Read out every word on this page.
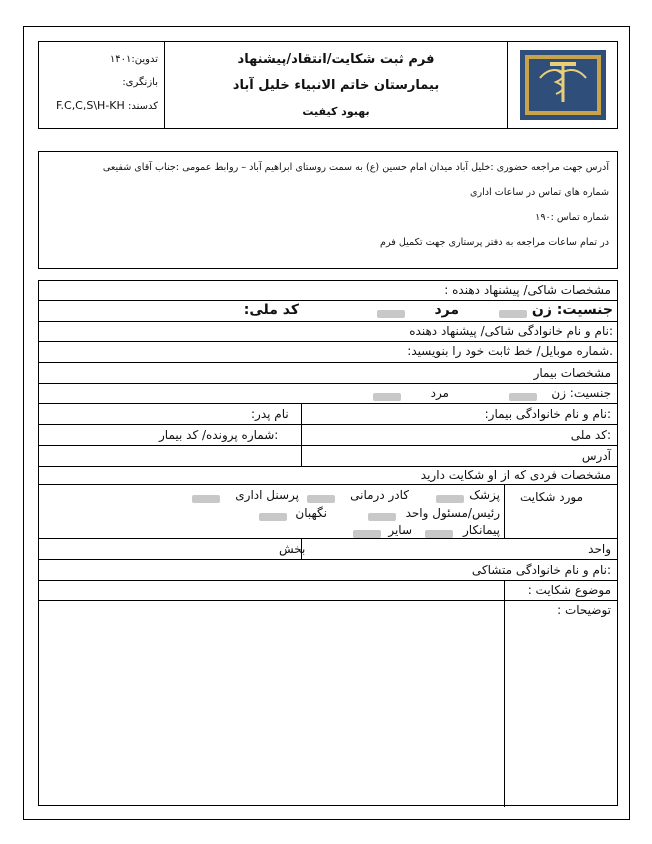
فرم ثبت شکایت/انتقاد/پیشنهاد
بیمارستان خاتم الانبیاء خلیل آباد
بهبود کیفیت
تدوین:۱۴۰۱
بازنگری:
کدسند: F.C,C,S\H-KH
آدرس جهت مراجعه حضوری :خلیل آباد میدان امام حسین (ع) به سمت روستای ابراهیم آباد – روابط عمومی :جناب آقای شفیعی
شماره های تماس در ساعات اداری
شماره تماس :۱۹۰
در تمام ساعات مراجعه به دفتر پرستاری جهت تکمیل فرم
مشخصات شاکی/ پیشنهاد دهنده :
جنسیت: زن
مرد
کد ملی:
:نام و نام خانوادگی شاکی/ پیشنهاد دهنده
.شماره موبایل/ خط ثابت خود را بنویسید:
مشخصات بیمار
جنسیت: زن
مرد
:نام و نام خانوادگی بیمار:
نام پدر:
:کد ملی
:شماره پرونده/ کد بیمار
آدرس
مشخصات فردی که از او شکایت دارید
مورد شکایت
پزشک
کادر درمانی
پرسنل اداری
رئیس/مسئول واحد
نگهبان
پیمانکار
سایر
واحد
بخش
:نام و نام خانوادگی متشاکی
موضوع شکایت :
توضیحات :
